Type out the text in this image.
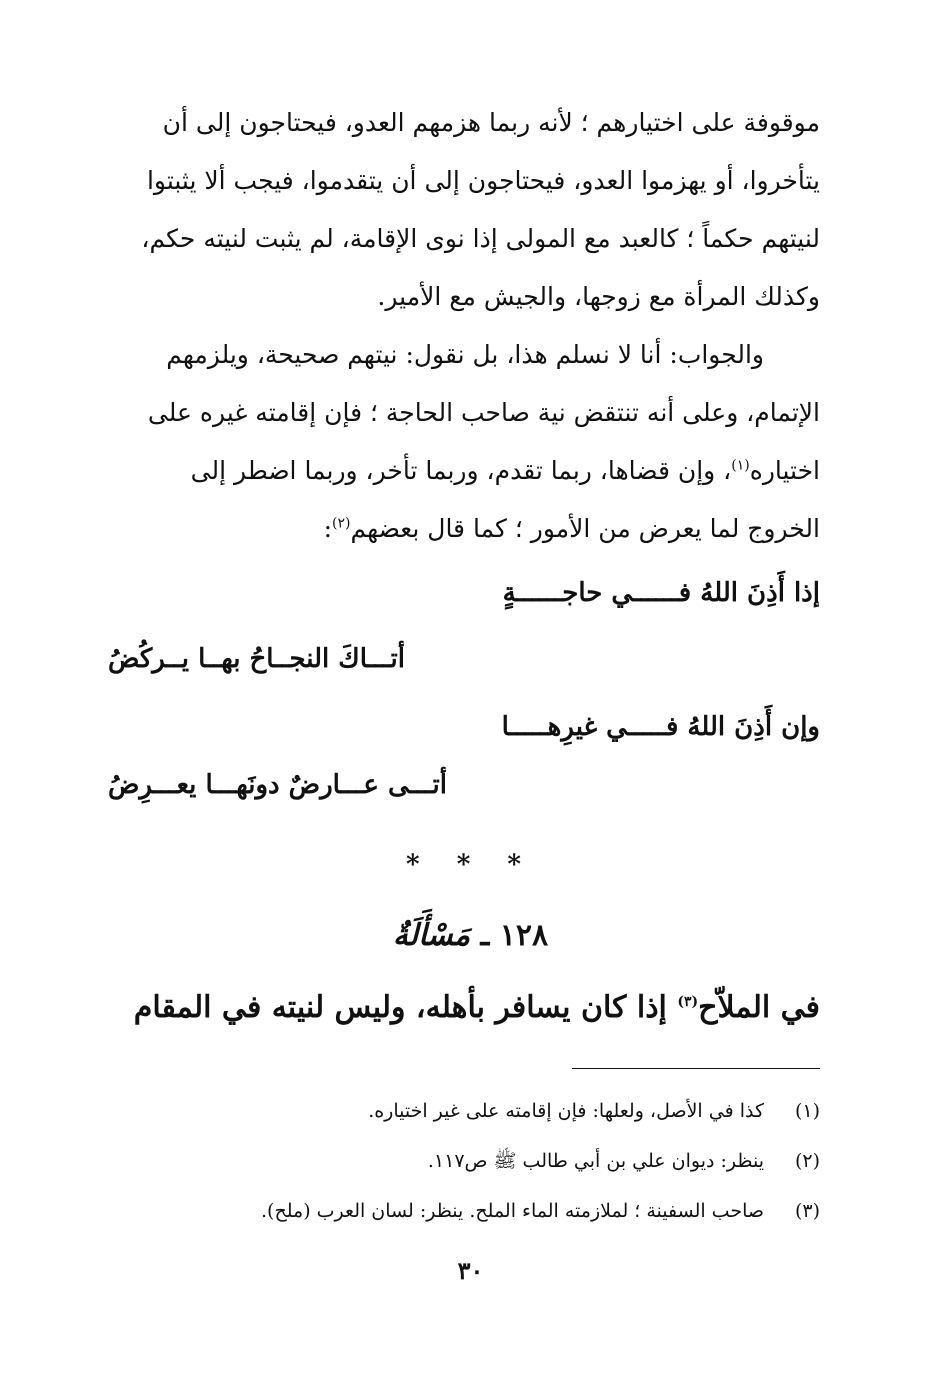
موقوفة على اختيارهم ؛ لأنه ربما هزمهم العدو، فيحتاجون إلى أن
يتأخروا، أو يهزموا العدو، فيحتاجون إلى أن يتقدموا، فيجب ألا يثبتوا
لنيتهم حكماً ؛ كالعبد مع المولى إذا نوى الإقامة، لم يثبت لنيته حكم،
وكذلك المرأة مع زوجها، والجيش مع الأمير.
والجواب: أنا لا نسلم هذا، بل نقول: نيتهم صحيحة، ويلزمهم
الإتمام، وعلى أنه تنتقض نية صاحب الحاجة ؛ فإن إقامته غيره على
اختياره$^{(١)}$، وإن قضاها، ربما تقدم، وربما تأخر، وربما اضطر إلى
الخروج لما يعرض من الأمور ؛ كما قال بعضهم$^{(٢)}$:
إذا أَذِنَ اللهُ فــــــي حاجــــــةٍ
أتـــاكَ النجــاحُ بهــا يــركُضُ
وإن أَذِنَ اللهُ فـــــي غيرِهـــــا
أتـــى عـــارضٌ دونَهـــا يعـــرِضُ
* * *
١٢٨ ـ مَسْأَلَةٌ
في الملاّح$^{(٣)}$ إذا كان يسافر بأهله، وليس لنيته في المقام
(١)كذا في الأصل، ولعلها: فإن إقامته على غير اختياره.
(٢)ينظر: ديوان علي بن أبي طالب ﷺ ص١١٧.
(٣)صاحب السفينة ؛ لملازمته الماء الملح. ينظر: لسان العرب (ملح).
٣٠
